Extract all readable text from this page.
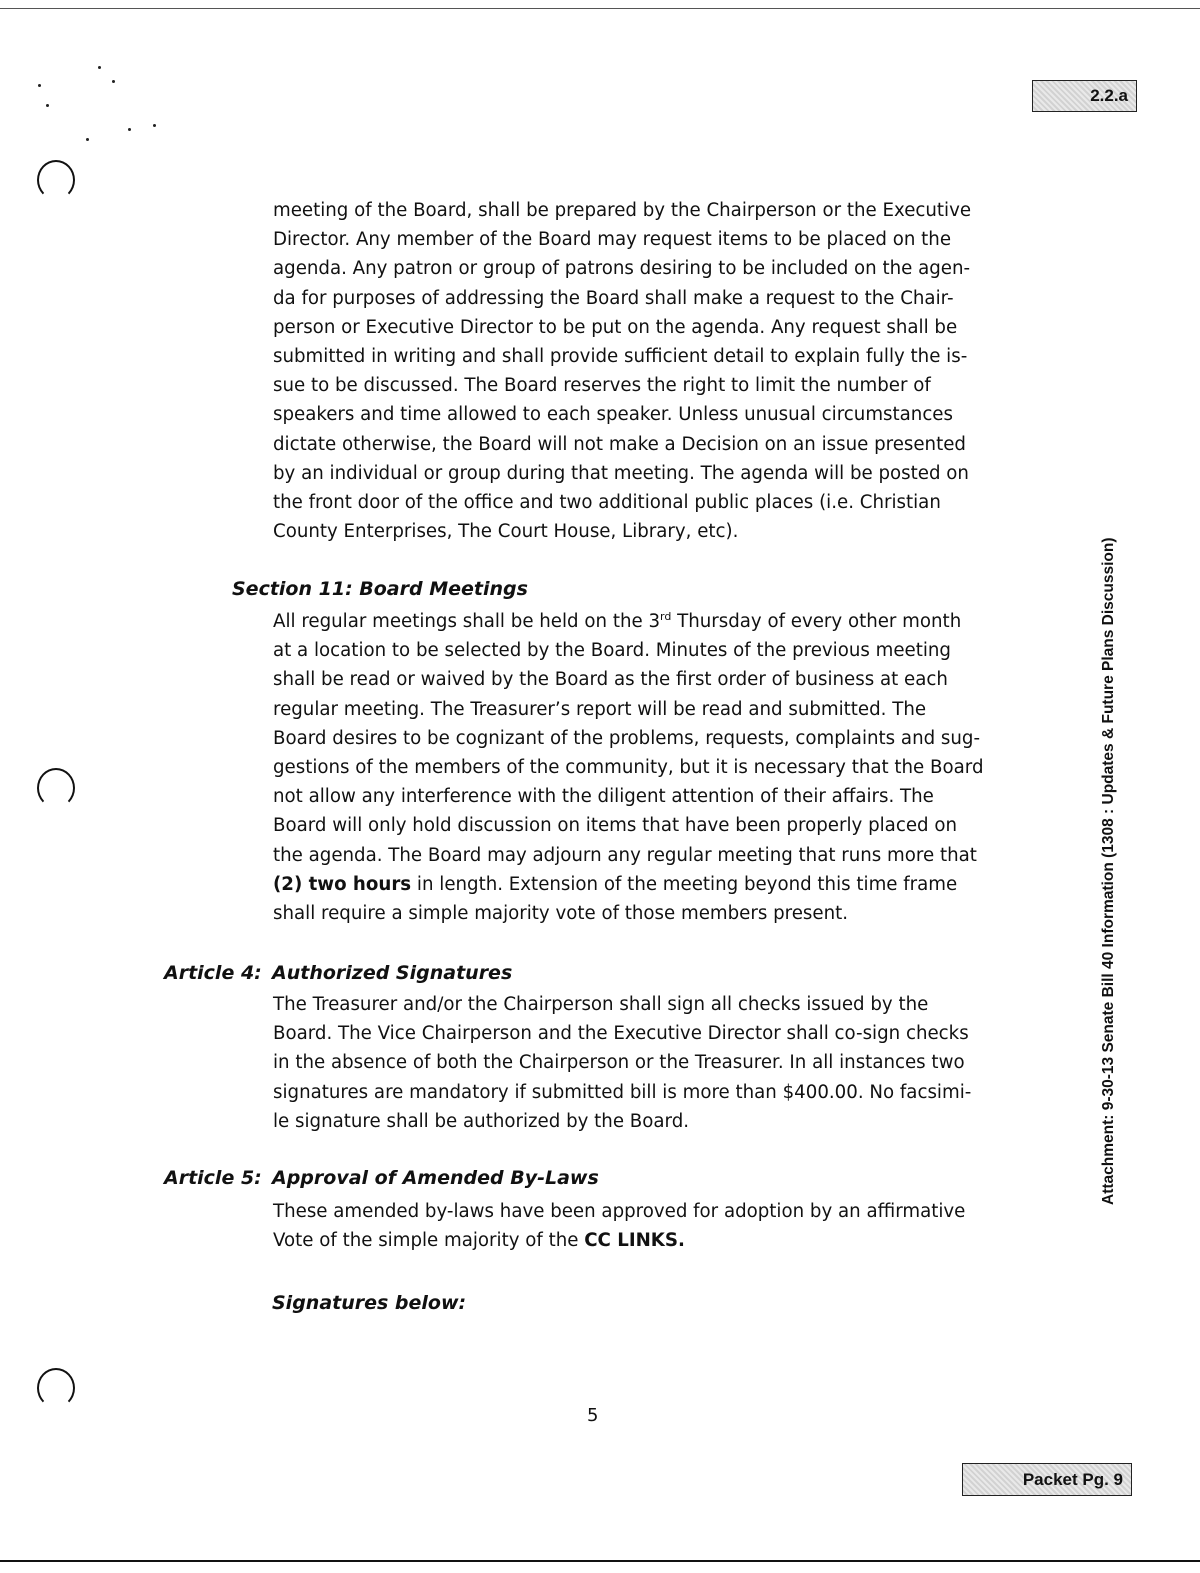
2.2.a
Attachment: 9-30-13 Senate Bill 40 Information (1308 : Updates & Future Plans Discussion)
meeting of the Board, shall be prepared by the Chairperson or the Executive
Director. Any member of the Board may request items to be placed on the
agenda. Any patron or group of patrons desiring to be included on the agen-
da for purposes of addressing the Board shall make a request to the Chair-
person or Executive Director to be put on the agenda. Any request shall be
submitted in writing and shall provide sufficient detail to explain fully the is-
sue to be discussed. The Board reserves the right to limit the number of
speakers and time allowed to each speaker. Unless unusual circumstances
dictate otherwise, the Board will not make a Decision on an issue presented
by an individual or group during that meeting. The agenda will be posted on
the front door of the office and two additional public places (i.e. Christian
County Enterprises, The Court House, Library, etc).
Section 11: Board Meetings
All regular meetings shall be held on the 3rd Thursday of every other month
at a location to be selected by the Board. Minutes of the previous meeting
shall be read or waived by the Board as the first order of business at each
regular meeting. The Treasurer’s report will be read and submitted. The
Board desires to be cognizant of the problems, requests, complaints and sug-
gestions of the members of the community, but it is necessary that the Board
not allow any interference with the diligent attention of their affairs. The
Board will only hold discussion on items that have been properly placed on
the agenda. The Board may adjourn any regular meeting that runs more that
(2) two hours in length. Extension of the meeting beyond this time frame
shall require a simple majority vote of those members present.
Article 4: Authorized Signatures
The Treasurer and/or the Chairperson shall sign all checks issued by the
Board. The Vice Chairperson and the Executive Director shall co-sign checks
in the absence of both the Chairperson or the Treasurer. In all instances two
signatures are mandatory if submitted bill is more than $400.00. No facsimi-
le signature shall be authorized by the Board.
Article 5: Approval of Amended By-Laws
These amended by-laws have been approved for adoption by an affirmative
Vote of the simple majority of the CC LINKS.
Signatures below:
5
Packet Pg. 9
